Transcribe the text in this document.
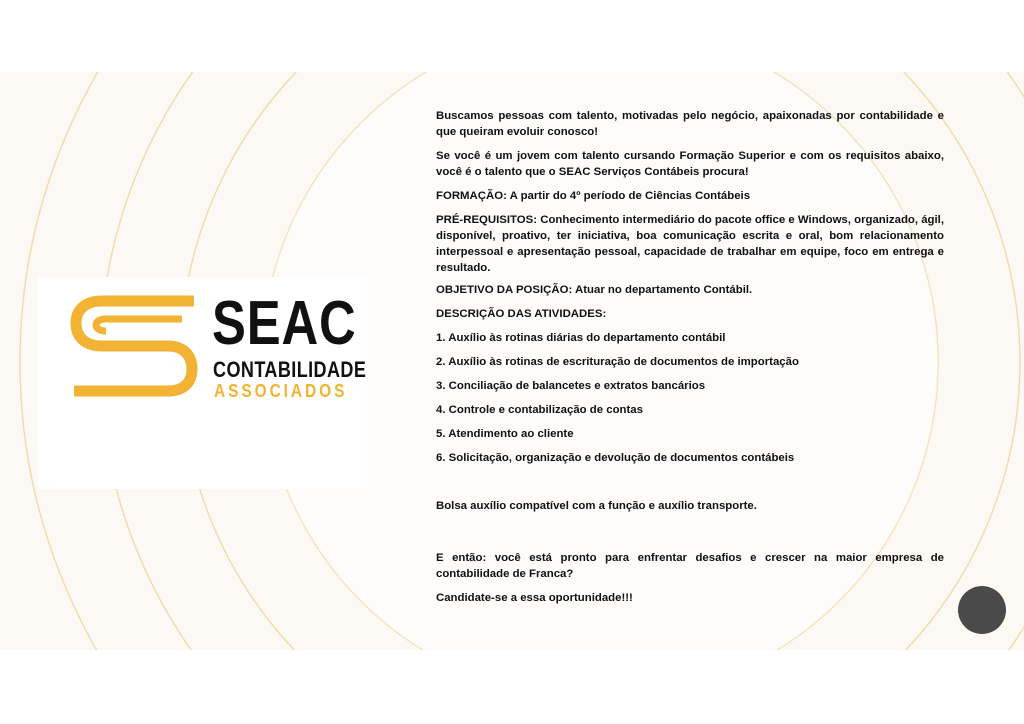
SEAC
CONTABILIDADE
ASSOCIADOS

Buscamos pessoas com talento, motivadas pelo negócio, apaixonadas por contabilidade e que queiram evoluir conosco!

Se você é um jovem com talento cursando Formação Superior e com os requisitos abaixo, você é o talento que o SEAC Serviços Contábeis procura!

FORMAÇÃO: A partir do 4º período de Ciências Contábeis

PRÉ-REQUISITOS: Conhecimento intermediário do pacote office e Windows, organizado, ágil, disponível, proativo, ter iniciativa, boa comunicação escrita e oral, bom relacionamento interpessoal e apresentação pessoal, capacidade de trabalhar em equipe, foco em entrega e resultado.

OBJETIVO DA POSIÇÃO: Atuar no departamento Contábil.

DESCRIÇÃO DAS ATIVIDADES:

1. Auxílio às rotinas diárias do departamento contábil

2. Auxílio às rotinas de escrituração de documentos de importação

3. Conciliação de balancetes e extratos bancários

4. Controle e contabilização de contas

5. Atendimento ao cliente

6. Solicitação, organização e devolução de documentos contábeis

Bolsa auxílio compatível com a função e auxílio transporte.

E então: você está pronto para enfrentar desafios e crescer na maior empresa de contabilidade de Franca?

Candidate-se a essa oportunidade!!!
